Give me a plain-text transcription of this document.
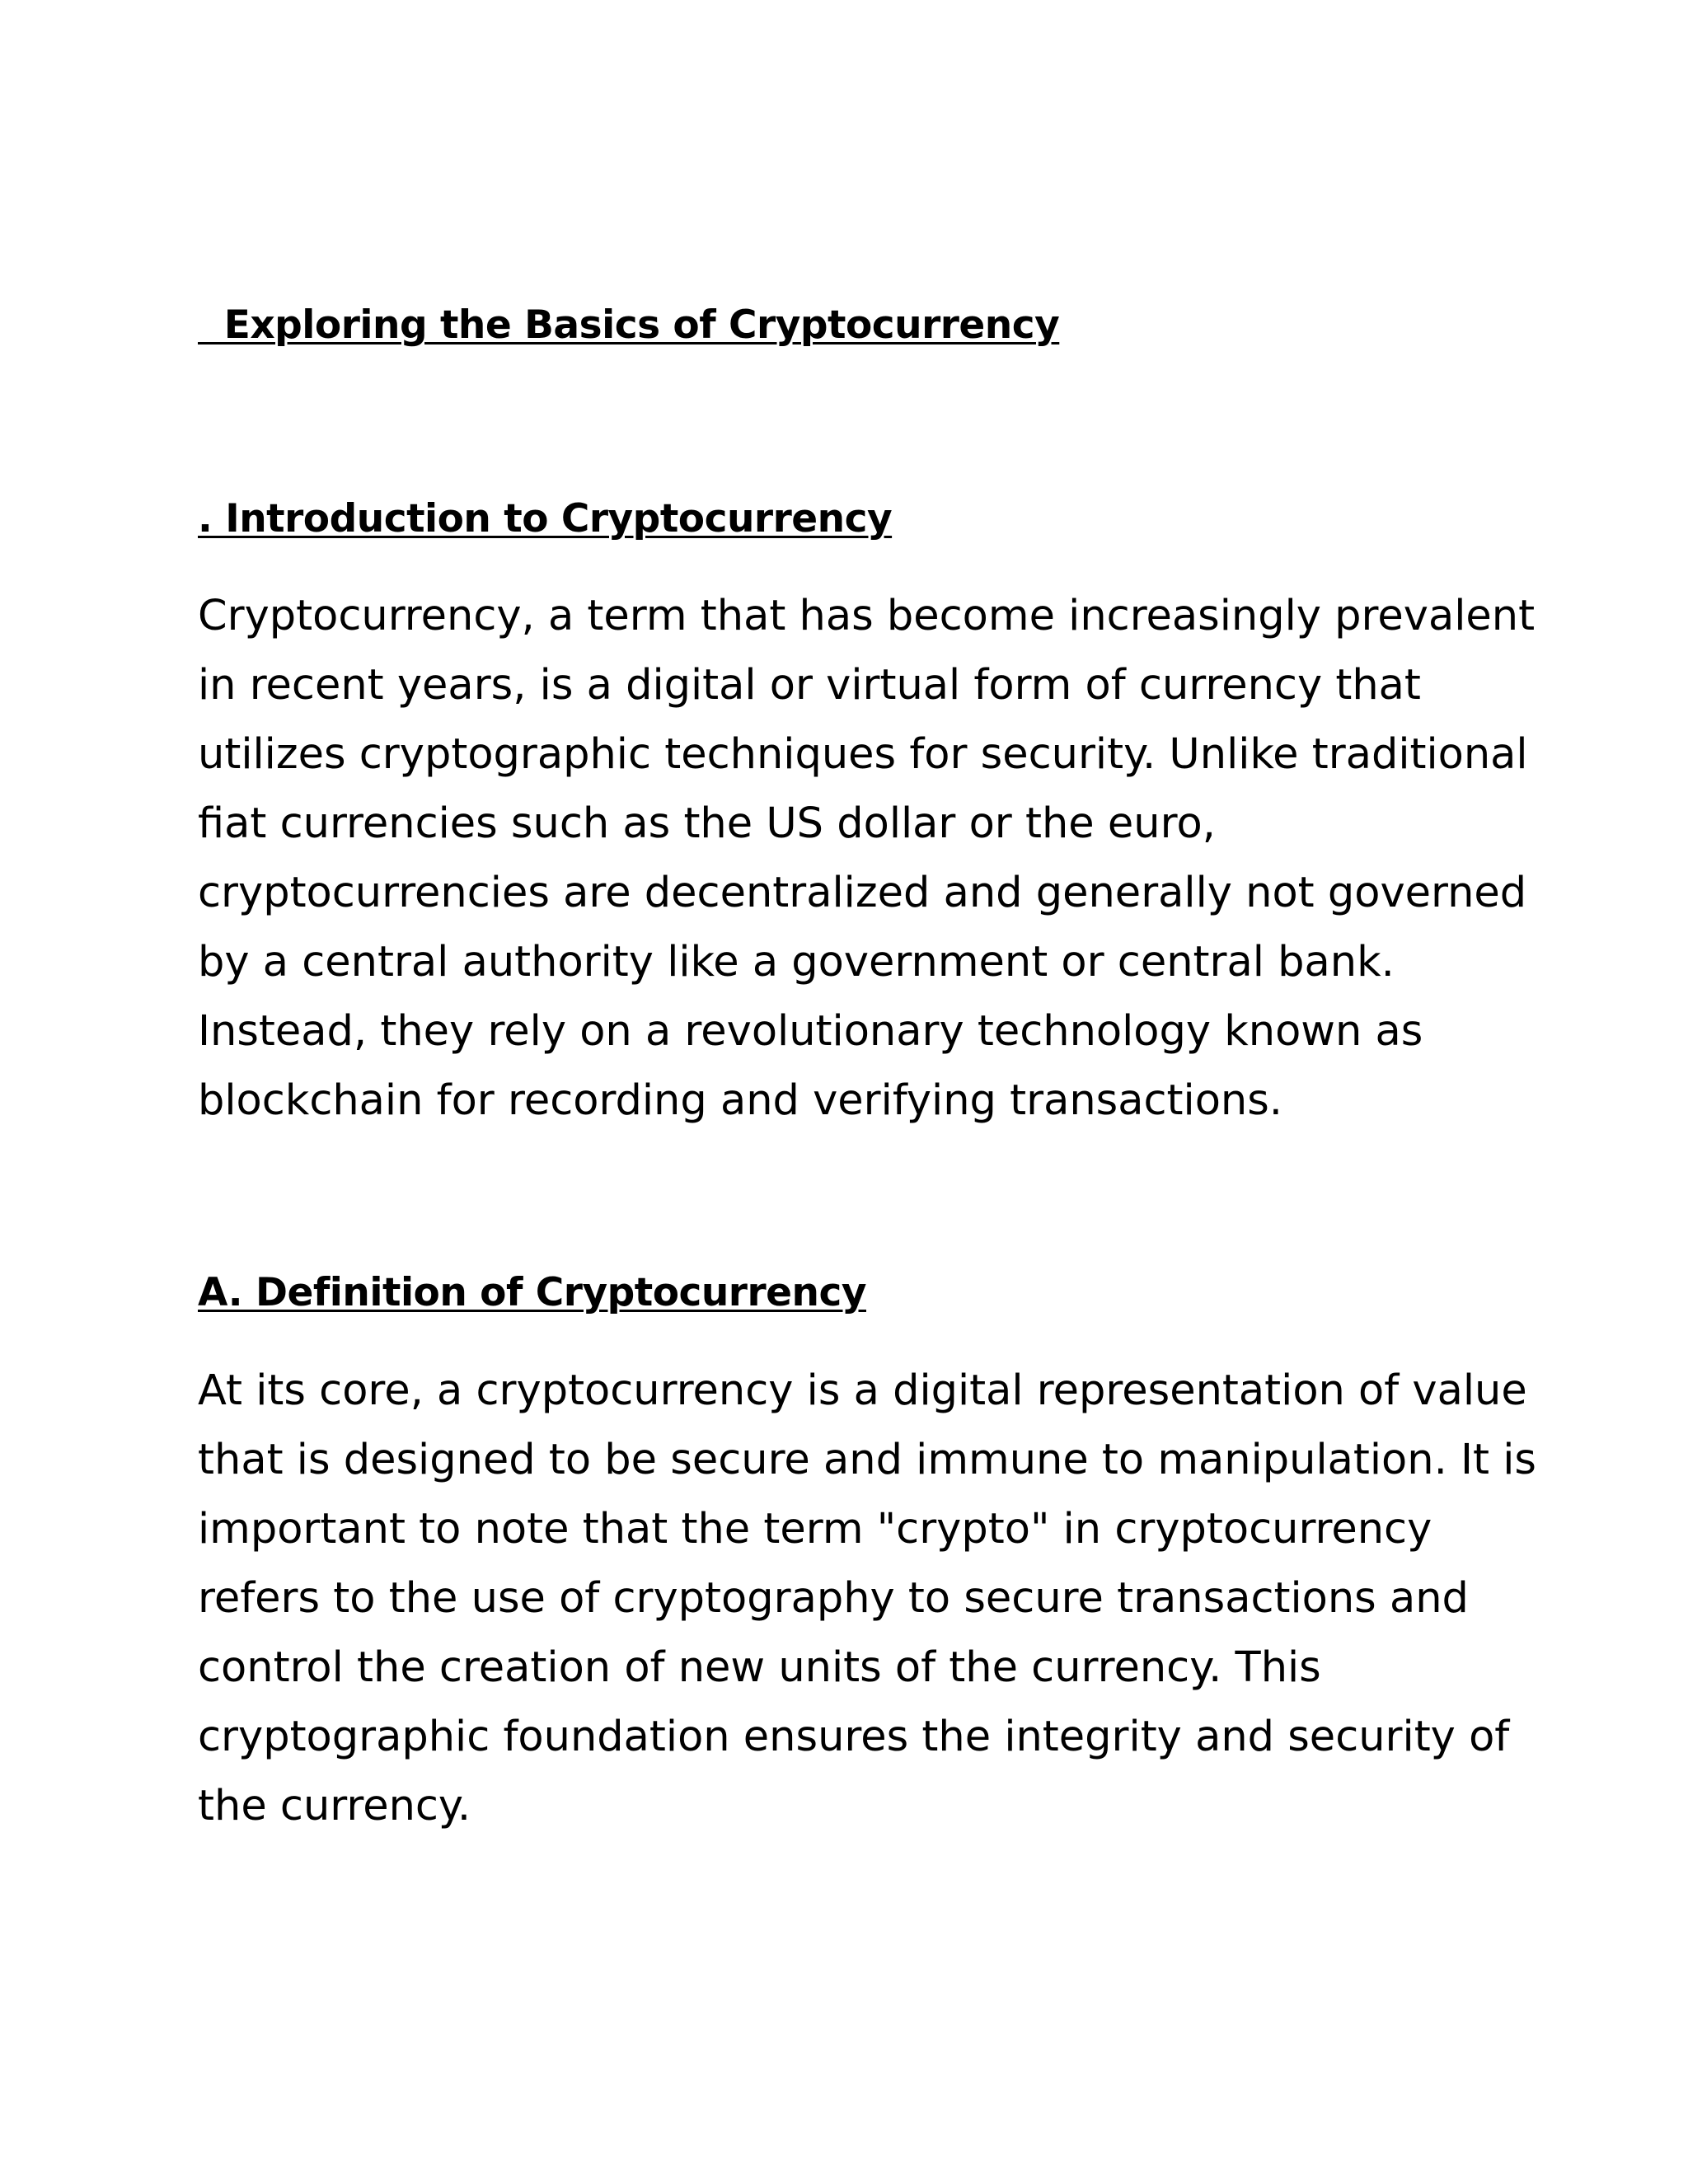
Exploring the Basics of Cryptocurrency
. Introduction to Cryptocurrency

Cryptocurrency, a term that has become increasingly prevalent
in recent years, is a digital or virtual form of currency that
utilizes cryptographic techniques for security. Unlike traditional
fiat currencies such as the US dollar or the euro,
cryptocurrencies are decentralized and generally not governed
by a central authority like a government or central bank.
Instead, they rely on a revolutionary technology known as
blockchain for recording and verifying transactions.

A. Definition of Cryptocurrency

At its core, a cryptocurrency is a digital representation of value
that is designed to be secure and immune to manipulation. It is
important to note that the term "crypto" in cryptocurrency
refers to the use of cryptography to secure transactions and
control the creation of new units of the currency. This
cryptographic foundation ensures the integrity and security of
the currency.
